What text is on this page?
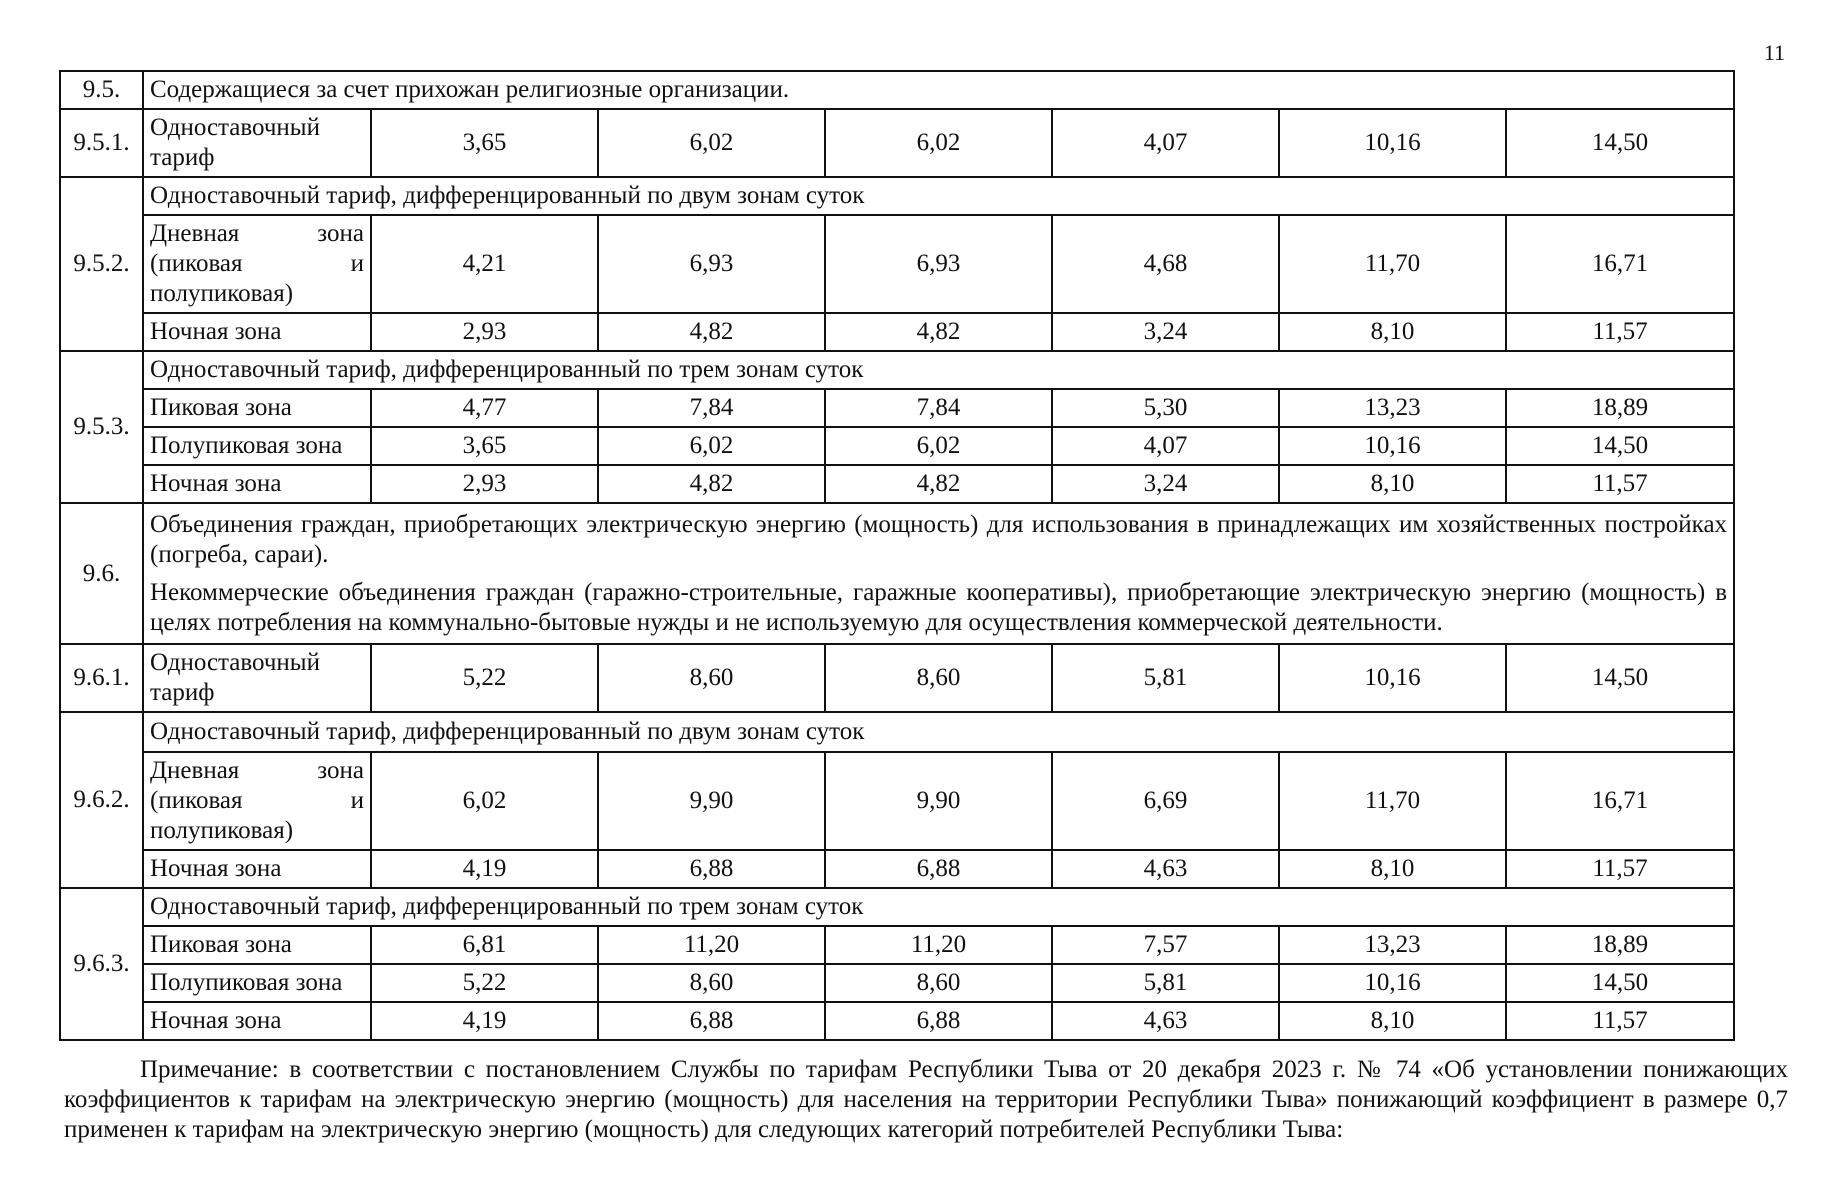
11
9.5.	Содержащиеся за счет прихожан религиозные организации.						
9.5.1.	Одноставочный тариф	3,65	6,02	6,02	4,07	10,16	14,50
9.5.2.	Одноставочный тариф, дифференцированный по двум зонам суток						
	Дневная зона (пиковая и полупиковая)	4,21	6,93	6,93	4,68	11,70	16,71
	Ночная зона	2,93	4,82	4,82	3,24	8,10	11,57
9.5.3.	Одноставочный тариф, дифференцированный по трем зонам суток						
	Пиковая зона	4,77	7,84	7,84	5,30	13,23	18,89
	Полупиковая зона	3,65	6,02	6,02	4,07	10,16	14,50
	Ночная зона	2,93	4,82	4,82	3,24	8,10	11,57
9.6.	Объединения граждан, приобретающих электрическую энергию (мощность) для использования в принадлежащих им хозяйственных постройках (погреба, сараи).
Некоммерческие объединения граждан (гаражно-строительные, гаражные кооперативы), приобретающие электрическую энергию (мощность) в целях потребления на коммунально-бытовые нужды и не используемую для осуществления коммерческой деятельности.						

9.6.1.	Одноставочный тариф	5,22	8,60	8,60	5,81	10,16	14,50
9.6.2.	Одноставочный тариф, дифференцированный по двум зонам суток						
	Дневная зона (пиковая и полупиковая)	6,02	9,90	9,90	6,69	11,70	16,71
	Ночная зона	4,19	6,88	6,88	4,63	8,10	11,57
9.6.3.	Одноставочный тариф, дифференцированный по трем зонам суток						
	Пиковая зона	6,81	11,20	11,20	7,57	13,23	18,89
	Полупиковая зона	5,22	8,60	8,60	5,81	10,16	14,50
	Ночная зона	4,19	6,88	6,88	4,63	8,10	11,57
Примечание: в соответствии с постановлением Службы по тарифам Республики Тыва от 20 декабря 2023 г. № 74 «Об установлении понижающих коэффициентов к тарифам на электрическую энергию (мощность) для населения на территории Республики Тыва» понижающий коэффициент в размере 0,7 применен к тарифам на электрическую энергию (мощность) для следующих категорий потребителей Республики Тыва:
